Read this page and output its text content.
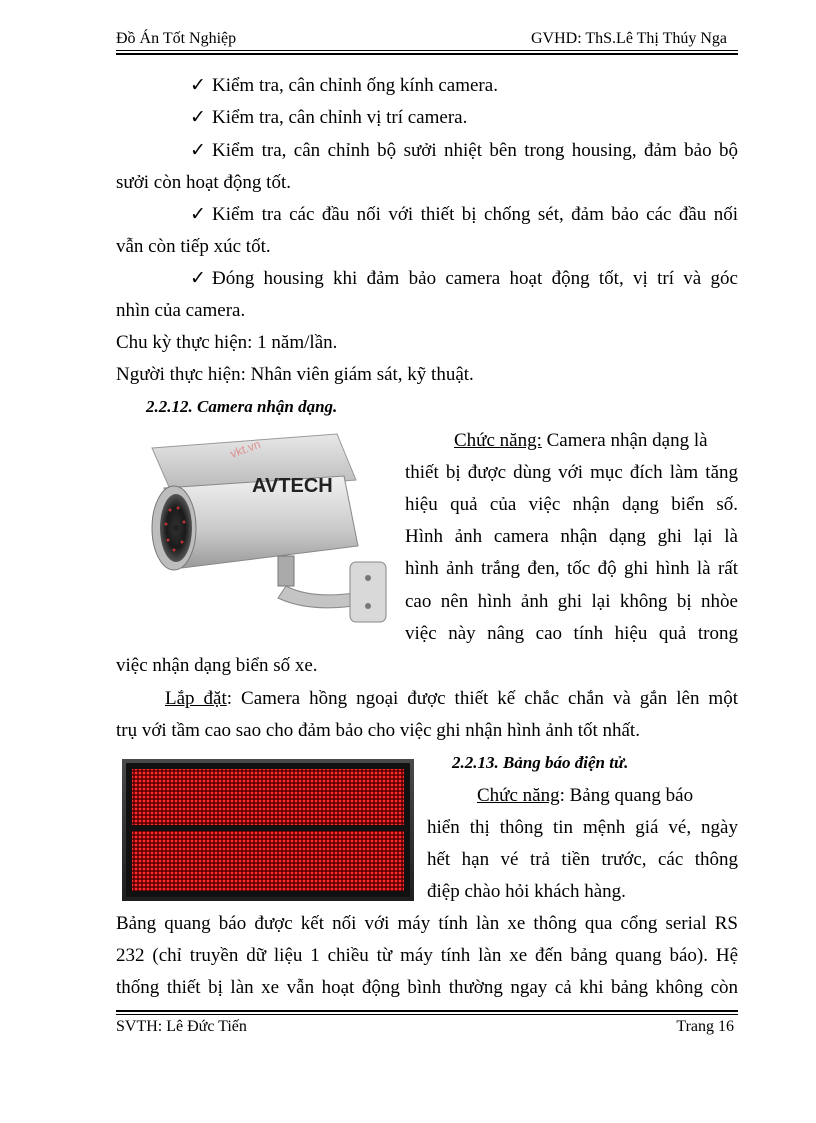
Đồ Án Tốt Nghiệp	GVHD: ThS.Lê Thị Thúy Nga
✓ Kiểm tra, cân chỉnh ống kính camera.
✓ Kiểm tra, cân chỉnh vị trí camera.
✓ Kiểm tra, cân chỉnh bộ sưởi nhiệt bên trong housing, đảm bảo bộ
sưởi còn hoạt động tốt.
✓ Kiểm tra các đầu nối với thiết bị chống sét, đảm bảo các đầu nối
vẫn còn tiếp xúc tốt.
✓ Đóng housing khi đảm bảo camera hoạt động tốt, vị trí và góc
nhìn của camera.
Chu kỳ thực hiện: 1 năm/lần.
Người thực hiện: Nhân viên giám sát, kỹ thuật.
2.2.12. Camera nhận dạng.
AVTECH
vkt.vn	Chức năng: Camera nhận dạng là
thiết bị được dùng với mục đích làm tăng
hiệu quả của việc nhận dạng biển số.
Hình ảnh camera nhận dạng ghi lại là
hình ảnh trắng đen, tốc độ ghi hình là rất
cao nên hình ảnh ghi lại không bị nhòe
việc này nâng cao tính hiệu quả trong
việc nhận dạng biển số xe.
Lắp đặt: Camera hồng ngoại được thiết kế chắc chắn và gắn lên một
trụ với tầm cao sao cho đảm bảo cho việc ghi nhận hình ảnh tốt nhất.
2.2.13. Bảng báo điện tử.
Chức năng: Bảng quang báo
hiển thị thông tin mệnh giá vé, ngày
hết hạn vé trả tiền trước, các thông
điệp chào hỏi khách hàng.
Bảng quang báo được kết nối với máy tính làn xe thông qua cổng serial RS
232 (chỉ truyền dữ liệu 1 chiều từ máy tính làn xe đến bảng quang báo). Hệ
thống thiết bị làn xe vẫn hoạt động bình thường ngay cả khi bảng không còn
SVTH: Lê Đức Tiến	Trang 16
